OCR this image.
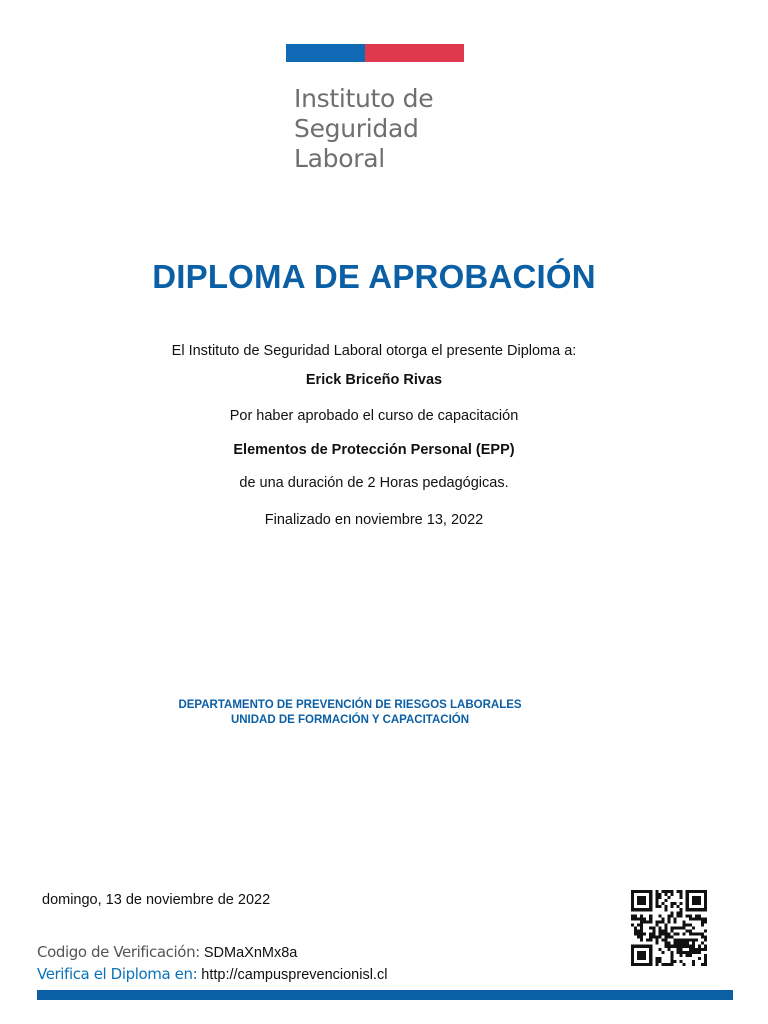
Instituto de
Seguridad
Laboral
DIPLOMA DE APROBACIÓN
El Instituto de Seguridad Laboral otorga el presente Diploma a:
Erick Briceño Rivas
Por haber aprobado el curso de capacitación
Elementos de Protección Personal (EPP)
de una duración de 2 Horas pedagógicas.
Finalizado en noviembre 13, 2022
DEPARTAMENTO DE PREVENCIÓN DE RIESGOS LABORALES
UNIDAD DE FORMACIÓN Y CAPACITACIÓN
domingo, 13 de noviembre de 2022
Codigo de Verificación: SDMaXnMx8a
Verifica el Diploma en: http://campusprevencionisl.cl
